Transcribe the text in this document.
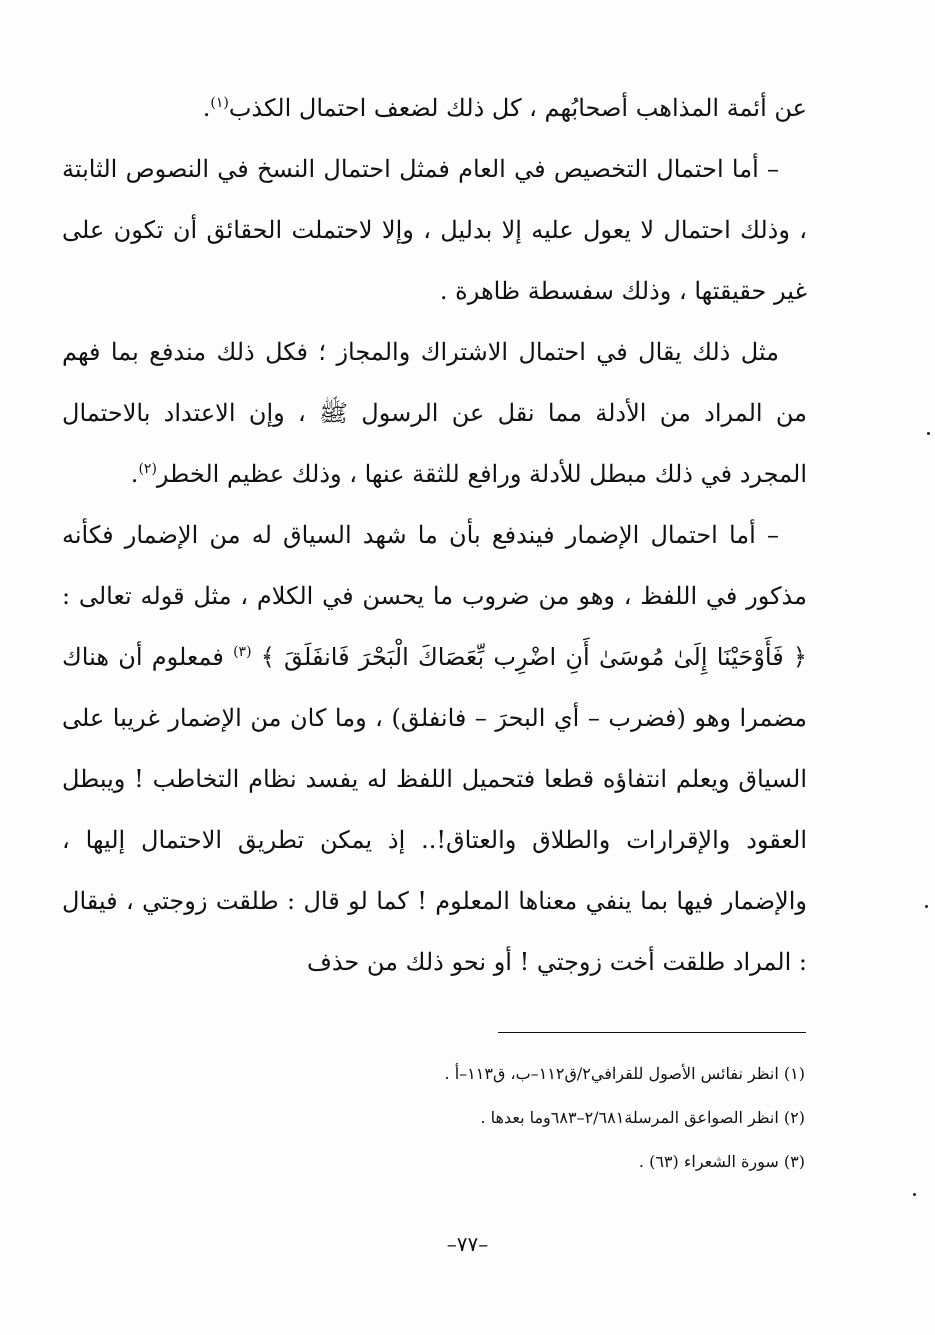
عن أئمة المذاهب أصحابُهم ، كل ذلك لضعف احتمال الكذب$^{(١)}$.

– أما احتمال التخصيص في العام فمثل احتمال النسخ في النصوص الثابتة ، وذلك احتمال لا يعول عليه إلا بدليل ، وإلا لاحتملت الحقائق أن تكون على غير حقيقتها ، وذلك سفسطة ظاهرة .

مثل ذلك يقال في احتمال الاشتراك والمجاز ؛ فكل ذلك مندفع بما فهم من المراد من الأدلة مما نقل عن الرسول ﷺ ، وإن الاعتداد بالاحتمال المجرد في ذلك مبطل للأدلة ورافع للثقة عنها ، وذلك عظيم الخطر$^{(٢)}$.

– أما احتمال الإضمار فيندفع بأن ما شهد السياق له من الإضمار فكأنه مذكور في اللفظ ، وهو من ضروب ما يحسن في الكلام ، مثل قوله تعالى : ﴿ فَأَوْحَيْنَا إِلَىٰ مُوسَىٰ أَنِ اضْرِب بِّعَصَاكَ الْبَحْرَ فَانفَلَقَ ﴾ $^{(٣)}$ فمعلوم أن هناك مضمرا وهو (فضرب – أي البحرَ – فانفلق) ، وما كان من الإضمار غريبا على السياق ويعلم انتفاؤه قطعا فتحميل اللفظ له يفسد نظام التخاطب ! ويبطل العقود والإقرارات والطلاق والعتاق!.. إذ يمكن تطريق الاحتمال إليها ، والإضمار فيها بما ينفي معناها المعلوم ! كما لو قال : طلقت زوجتي ، فيقال : المراد طلقت أخت زوجتي ! أو نحو ذلك من حذف

(١) انظر نفائس الأصول للقرافي٢/ق١١٢–ب، ق١١٣–أ .

(٢) انظر الصواعق المرسلة٢/٦٨١–٦٨٣وما بعدها .

(٣) سورة الشعراء (٦٣) .

–٧٧–
